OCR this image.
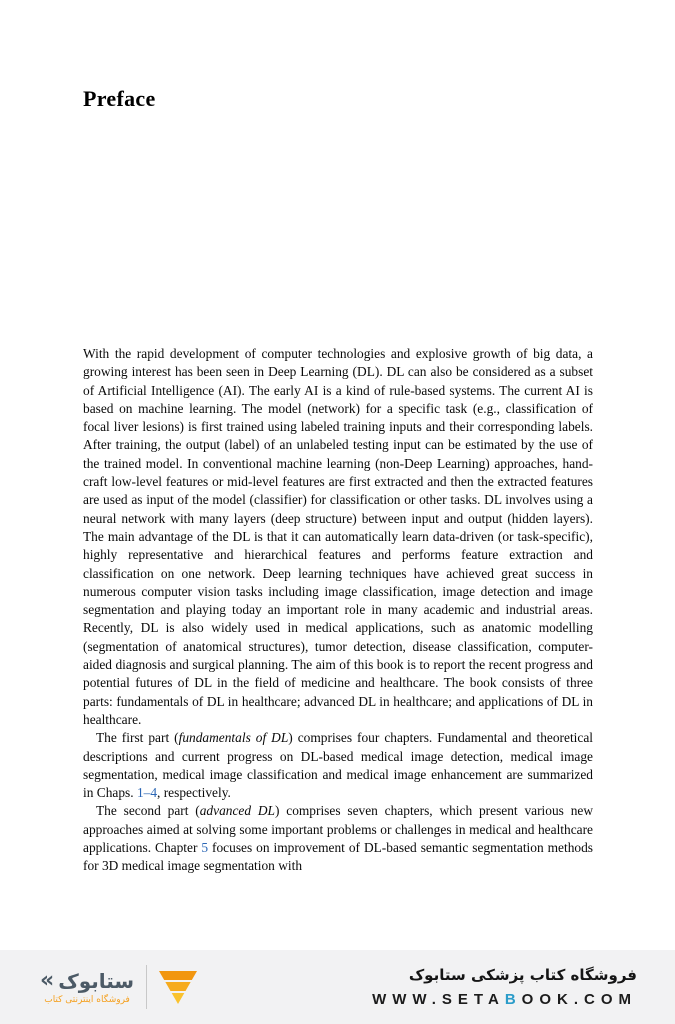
Preface

With the rapid development of computer technologies and explosive growth of big data, a growing interest has been seen in Deep Learning (DL). DL can also be considered as a subset of Artificial Intelligence (AI). The early AI is a kind of rule-based systems. The current AI is based on machine learning. The model (network) for a specific task (e.g., classification of focal liver lesions) is first trained using labeled training inputs and their corresponding labels. After training, the output (label) of an unlabeled testing input can be estimated by the use of the trained model. In conventional machine learning (non-Deep Learning) approaches, hand-craft low-level features or mid-level features are first extracted and then the extracted features are used as input of the model (classifier) for classification or other tasks. DL involves using a neural network with many layers (deep structure) between input and output (hidden layers). The main advantage of the DL is that it can automatically learn data-driven (or task-specific), highly representative and hierarchical features and performs feature extraction and classification on one network. Deep learning techniques have achieved great success in numerous computer vision tasks including image classification, image detection and image segmentation and playing today an important role in many academic and industrial areas. Recently, DL is also widely used in medical applications, such as anatomic modelling (segmentation of anatomical structures), tumor detection, disease classification, computer-aided diagnosis and surgical planning. The aim of this book is to report the recent progress and potential futures of DL in the field of medicine and healthcare. The book consists of three parts: fundamentals of DL in healthcare; advanced DL in healthcare; and applications of DL in healthcare.

The first part (fundamentals of DL) comprises four chapters. Fundamental and theoretical descriptions and current progress on DL-based medical image detection, medical image segmentation, medical image classification and medical image enhancement are summarized in Chaps. 1–4, respectively.

The second part (advanced DL) comprises seven chapters, which present various new approaches aimed at solving some important problems or challenges in medical and healthcare applications. Chapter 5 focuses on improvement of DL-based semantic segmentation methods for 3D medical image segmentation with

« ستابوک
فروشگاه اینترنتی کتاب
فروشگاه کتاب پزشکی ستابوک
WWW.SETABOOK.COM
